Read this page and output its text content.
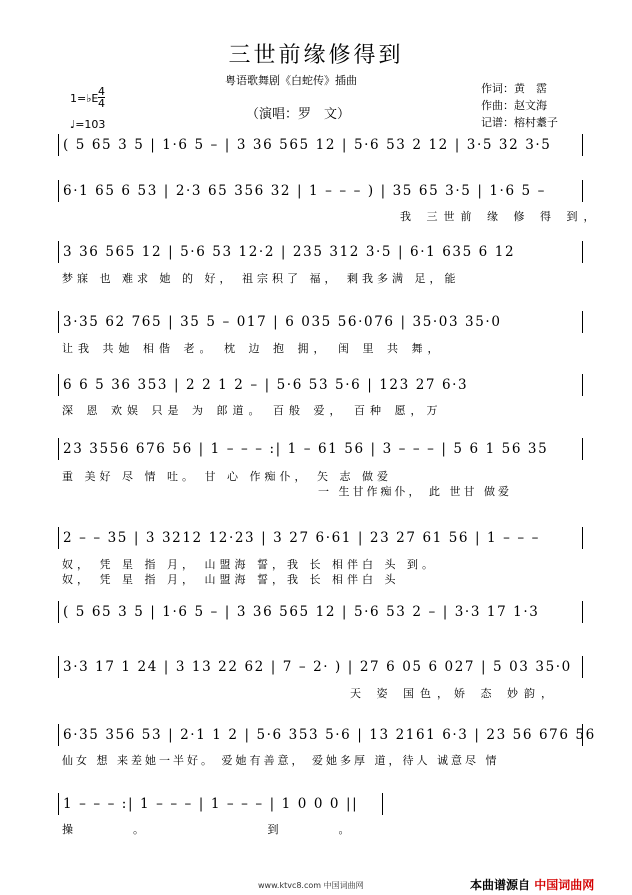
三世前缘修得到
粤语歌舞剧《白蛇传》插曲
（演唱：罗　文）
作词：黄　霑
作曲：赵文海
记谱：榕村耋子
1=♭E
4
4
♩=103
( 5 65 3 5 | 1·6 5 – | 3 36 565 12 | 5·6 53 2 12 | 3·5 32 3·5
6·1 65 6 53 | 2·3 65 356 32 | 1 – – – ) | 35 65 3·5 | 1·6 5 –
我 三世前 缘 修 得 到，
3 36 565 12 | 5·6 53 12·2 | 235 312 3·5 | 6·1 635 6 12
梦寐 也 难求 她 的 好， 祖宗积了 福， 剩我多满 足，能
3·35 62 765 | 35 5 – 017 | 6 035 56·076 | 35·03 35·0
让我 共她 相偕 老。 枕 边 抱 拥， 闺 里 共 舞，
6 6 5 36 353 | 2 2 1 2 – | 5·6 53 5·6 | 123 27 6·3
深 恩 欢娱 只是 为 郎道。 百般 爱， 百种 愿，万
23 3556 676 56 | 1 – – – :| 1 – 61 56 | 3 – – – | 5 6 1 56 35
重 美好 尽 情 吐。 甘 心 作痴仆， 矢 志 做爱
一 生甘作痴仆， 此 世甘 做爱
2 – – 35 | 3 3212 12·23 | 3 27 6·61 | 23 27 61 56 | 1 – – –
奴， 凭 星 指 月， 山盟海 誓，我 长 相伴白 头 到。
奴， 凭 星 指 月， 山盟海 誓，我 长 相伴白 头
( 5 65 3 5 | 1·6 5 – | 3 36 565 12 | 5·6 53 2 – | 3·3 17 1·3
3·3 17 1 24 | 3 13 22 62 | 7 – 2· ) | 27 6 05 6 027 | 5 03 35·0
天 姿 国色，娇 态 妙韵，
6·35 356 53 | 2·1 1 2 | 5·6 353 5·6 | 13 2161 6·3 | 23 56 676 56
仙女 想 来差她一半好。 爱她有善意， 爱她多厚 道，待人 诚意尽 情
1 – – – :| 1 – – – | 1 – – – | 1 0 0 0 ||
操。 到。
www.ktvc8.com 中国词曲网	本曲谱源自 中国词曲网
